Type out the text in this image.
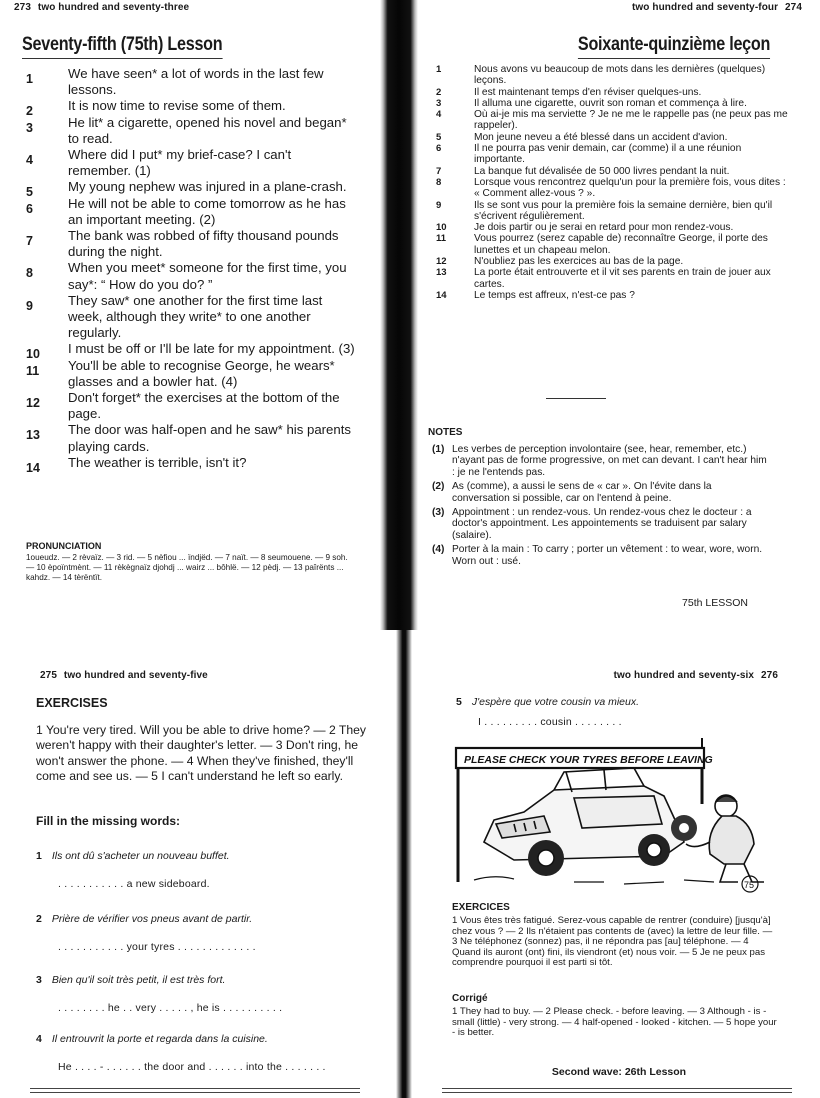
273 two hundred and seventy-three
Seventy-fifth (75th) Lesson
1	We have seen* a lot of words in the last few lessons.
2	It is now time to revise some of them.
3	He lit* a cigarette, opened his novel and began* to read.
4	Where did I put* my brief-case? I can't remember. (1)
5	My young nephew was injured in a plane-crash.
6	He will not be able to come tomorrow as he has an important meeting. (2)
7	The bank was robbed of fifty thousand pounds during the night.
8	When you meet* someone for the first time, you say*: “ How do you do? ”
9	They saw* one another for the first time last week, although they write* to one another regularly.
10 I must be off or I'll be late for my appointment. (3)
11 You'll be able to recognise George, he wears* glasses and a bowler hat. (4)
12 Don't forget* the exercises at the bottom of the page.
13 The door was half-open and he saw* his parents playing cards.
14 The weather is terrible, isn't it?
PRONUNCIATION
1oueudz. — 2 rèvaïz. — 3 rid. — 5 nèfiou ... ïndjëd. — 7 naït. — 8 seumouene. — 9 soh. — 10 èpoïntmènt. — 11 rèkègnaïz djohdj ... wairz ... bôhlë. — 12 pèdj. — 13 paîrënts ... kahdz. — 14 tèrëntït.
two hundred and seventy-four 274
Soixante-quinzième leçon
1	Nous avons vu beaucoup de mots dans les dernières (quelques) leçons.
2	Il est maintenant temps d'en réviser quelques-uns.
3	Il alluma une cigarette, ouvrit son roman et commença à lire.
4	Où ai-je mis ma serviette ? Je ne me le rappelle pas (ne peux pas me rappeler).
5	Mon jeune neveu a été blessé dans un accident d'avion.
6	Il ne pourra pas venir demain, car (comme) il a une réunion importante.
7	La banque fut dévalisée de 50 000 livres pendant la nuit.
8	Lorsque vous rencontrez quelqu'un pour la première fois, vous dites : « Comment allez-vous ? ».
9	Ils se sont vus pour la première fois la semaine dernière, bien qu'il s'écrivent régulièrement.
10	Je dois partir ou je serai en retard pour mon rendez-vous.
11	Vous pourrez (serez capable de) reconnaître George, il porte des lunettes et un chapeau melon.
12	N'oubliez pas les exercices au bas de la page.
13	La porte était entrouverte et il vit ses parents en train de jouer aux cartes.
14	Le temps est affreux, n'est-ce pas ?
NOTES
(1) Les verbes de perception involontaire (see, hear, remember, etc.) n'ayant pas de forme progressive, on met can devant. I can't hear him : je ne l'entends pas.
(2) As (comme), a aussi le sens de « car ». On l'évite dans la conversation si possible, car on l'entend à peine.
(3) Appointment : un rendez-vous. Un rendez-vous chez le docteur : a doctor's appointment. Les appointements se traduisent par salary (salaire).
(4) Porter à la main : To carry ; porter un vêtement : to wear, wore, worn. Worn out : usé.
75th LESSON
275 two hundred and seventy-five
EXERCISES
1 You're very tired. Will you be able to drive home? — 2 They weren't happy with their daughter's letter. — 3 Don't ring, he won't answer the phone. — 4 When they've finished, they'll come and see us. — 5 I can't understand he left so early.
Fill in the missing words:
1 Ils ont dû s'acheter un nouveau buffet.
. . . . . . . . . . . a new sideboard.
2 Prière de vérifier vos pneus avant de partir.
. . . . . . . . . . . your tyres . . . . . . . . . . . . .
3 Bien qu'il soit très petit, il est très fort.
. . . . . . . . he . . very . . . . . , he is . . . . . . . . . .
4 Il entrouvrit la porte et regarda dans la cuisine.
He . . . . - . . . . . . the door and . . . . . . into the . . . . . . .
two hundred and seventy-six 276
5 J'espère que votre cousin va mieux.
I . . . . . . . . . cousin . . . . . . . .
PLEASE CHECK YOUR TYRES BEFORE LEAVING
75
EXERCICES
1 Vous êtes très fatigué. Serez-vous capable de rentrer (conduire) [jusqu'à] chez vous ? — 2 Ils n'étaient pas contents de (avec) la lettre de leur fille. — 3 Ne téléphonez (sonnez) pas, il ne répondra pas [au] téléphone. — 4 Quand ils auront (ont) fini, ils viendront (et) nous voir. — 5 Je ne peux pas comprendre pourquoi il est parti si tôt.
Corrigé
1 They had to buy. — 2 Please check. - before leaving. — 3 Although - is - small (little) - very strong. — 4 half-opened - looked - kitchen. — 5 hope your - is better.
Second wave: 26th Lesson
